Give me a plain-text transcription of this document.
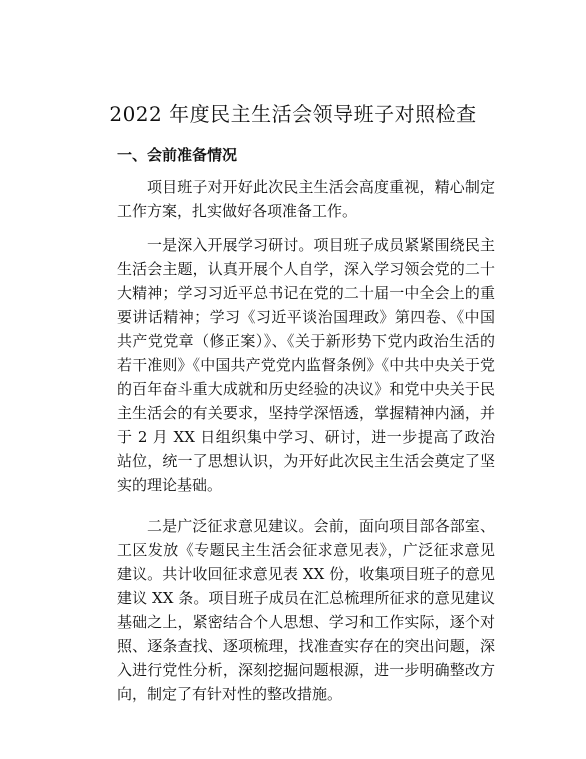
2022 年度民主生活会领导班子对照检查
一、会前准备情况

项目班子对开好此次民主生活会高度重视，精心制定工作方案，扎实做好各项准备工作。

一是深入开展学习研讨。项目班子成员紧紧围绕民主生活会主题，认真开展个人自学，深入学习领会党的二十大精神；学习习近平总书记在党的二十届一中全会上的重要讲话精神；学习《习近平谈治国理政》第四卷、《中国共产党党章（修正案）》、《关于新形势下党内政治生活的若干准则》《中国共产党党内监督条例》《中共中央关于党的百年奋斗重大成就和历史经验的决议》和党中央关于民主生活会的有关要求，坚持学深悟透，掌握精神内涵，并于 2 月 XX 日组织集中学习、研讨，进一步提高了政治站位，统一了思想认识，为开好此次民主生活会奠定了坚实的理论基础。

二是广泛征求意见建议。会前，面向项目部各部室、工区发放《专题民主生活会征求意见表》，广泛征求意见建议。共计收回征求意见表 XX 份，收集项目班子的意见建议 XX 条。项目班子成员在汇总梳理所征求的意见建议基础之上，紧密结合个人思想、学习和工作实际，逐个对照、逐条查找、逐项梳理，找准查实存在的突出问题，深入进行党性分析，深刻挖掘问题根源，进一步明确整改方向，制定了有针对性的整改措施。
